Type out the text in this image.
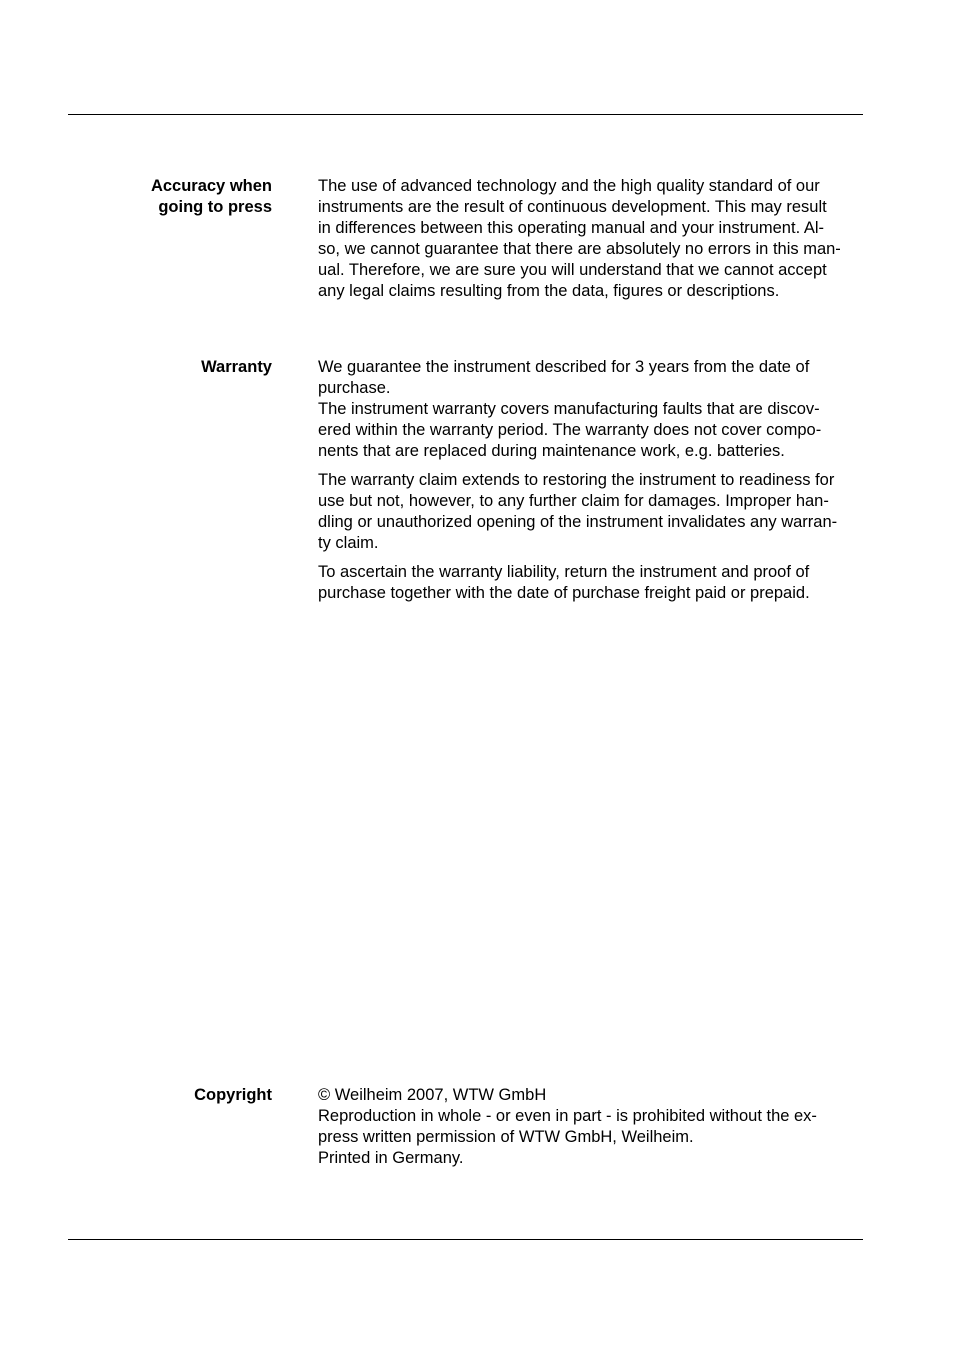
Accuracy when
going to press
The use of advanced technology and the high quality standard of our
instruments are the result of continuous development. This may result
in differences between this operating manual and your instrument. Al-
so, we cannot guarantee that there are absolutely no errors in this man-
ual. Therefore, we are sure you will understand that we cannot accept
any legal claims resulting from the data, figures or descriptions.
Warranty	We guarantee the instrument described for 3 years from the date of
purchase.
The instrument warranty covers manufacturing faults that are discov-
ered within the warranty period. The warranty does not cover compo-
nents that are replaced during maintenance work, e.g. batteries.
The warranty claim extends to restoring the instrument to readiness for
use but not, however, to any further claim for damages. Improper han-
dling or unauthorized opening of the instrument invalidates any warran-
ty claim.
To ascertain the warranty liability, return the instrument and proof of
purchase together with the date of purchase freight paid or prepaid.
Copyright	© Weilheim 2007, WTW GmbH
Reproduction in whole - or even in part - is prohibited without the ex-
press written permission of WTW GmbH, Weilheim.
Printed in Germany.
